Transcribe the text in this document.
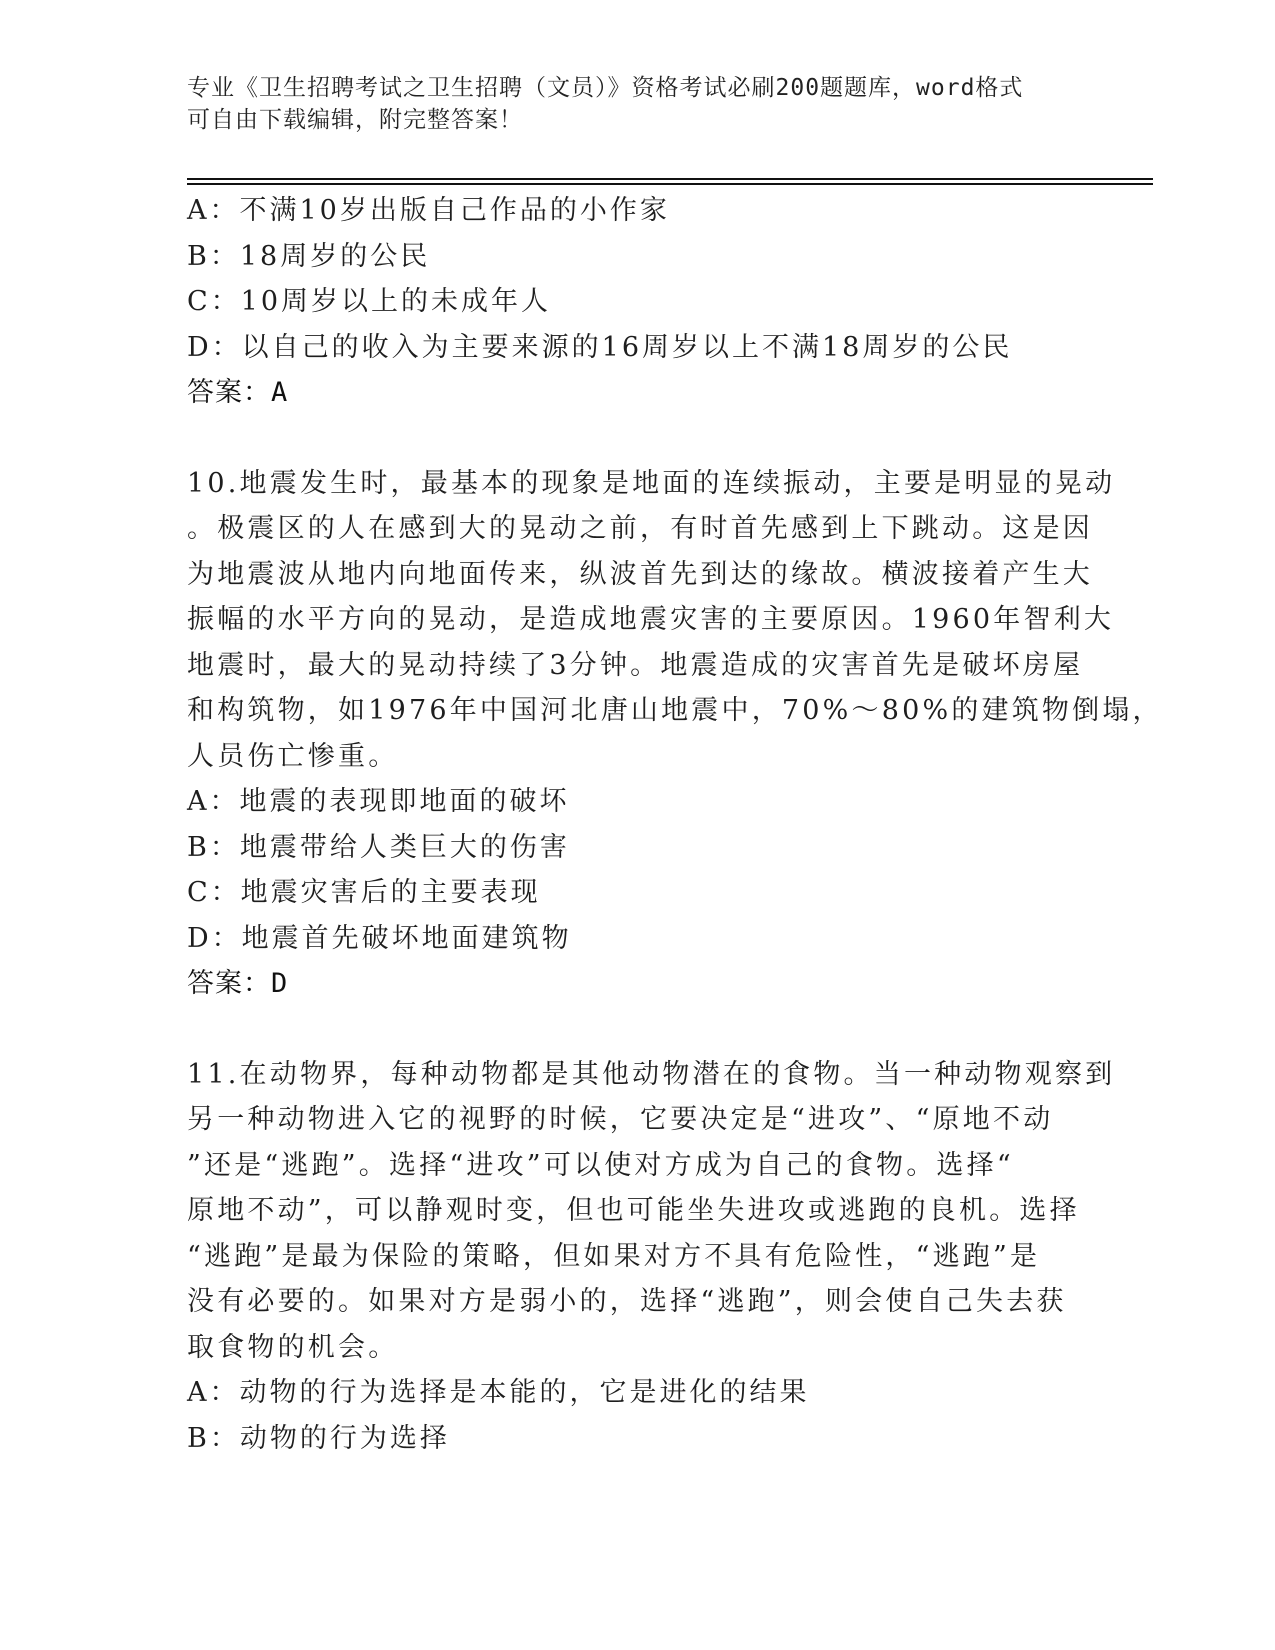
专业《卫生招聘考试之卫生招聘（文员）》资格考试必刷200题题库，word格式
可自由下载编辑，附完整答案！
A：不满10岁出版自己作品的小作家
B：18周岁的公民
C：10周岁以上的未成年人
D：以自己的收入为主要来源的16周岁以上不满18周岁的公民
答案：A
10.地震发生时，最基本的现象是地面的连续振动，主要是明显的晃动
。极震区的人在感到大的晃动之前，有时首先感到上下跳动。这是因
为地震波从地内向地面传来，纵波首先到达的缘故。横波接着产生大
振幅的水平方向的晃动，是造成地震灾害的主要原因。1960年智利大
地震时，最大的晃动持续了3分钟。地震造成的灾害首先是破坏房屋
和构筑物，如1976年中国河北唐山地震中，70%～80%的建筑物倒塌，
人员伤亡惨重。
A：地震的表现即地面的破坏
B：地震带给人类巨大的伤害
C：地震灾害后的主要表现
D：地震首先破坏地面建筑物
答案：D
11.在动物界，每种动物都是其他动物潜在的食物。当一种动物观察到
另一种动物进入它的视野的时候，它要决定是“进攻”、“原地不动
”还是“逃跑”。选择“进攻”可以使对方成为自己的食物。选择“
原地不动”，可以静观时变，但也可能坐失进攻或逃跑的良机。选择
“逃跑”是最为保险的策略，但如果对方不具有危险性，“逃跑”是
没有必要的。如果对方是弱小的，选择“逃跑”，则会使自己失去获
取食物的机会。
A：动物的行为选择是本能的，它是进化的结果
B：动物的行为选择
